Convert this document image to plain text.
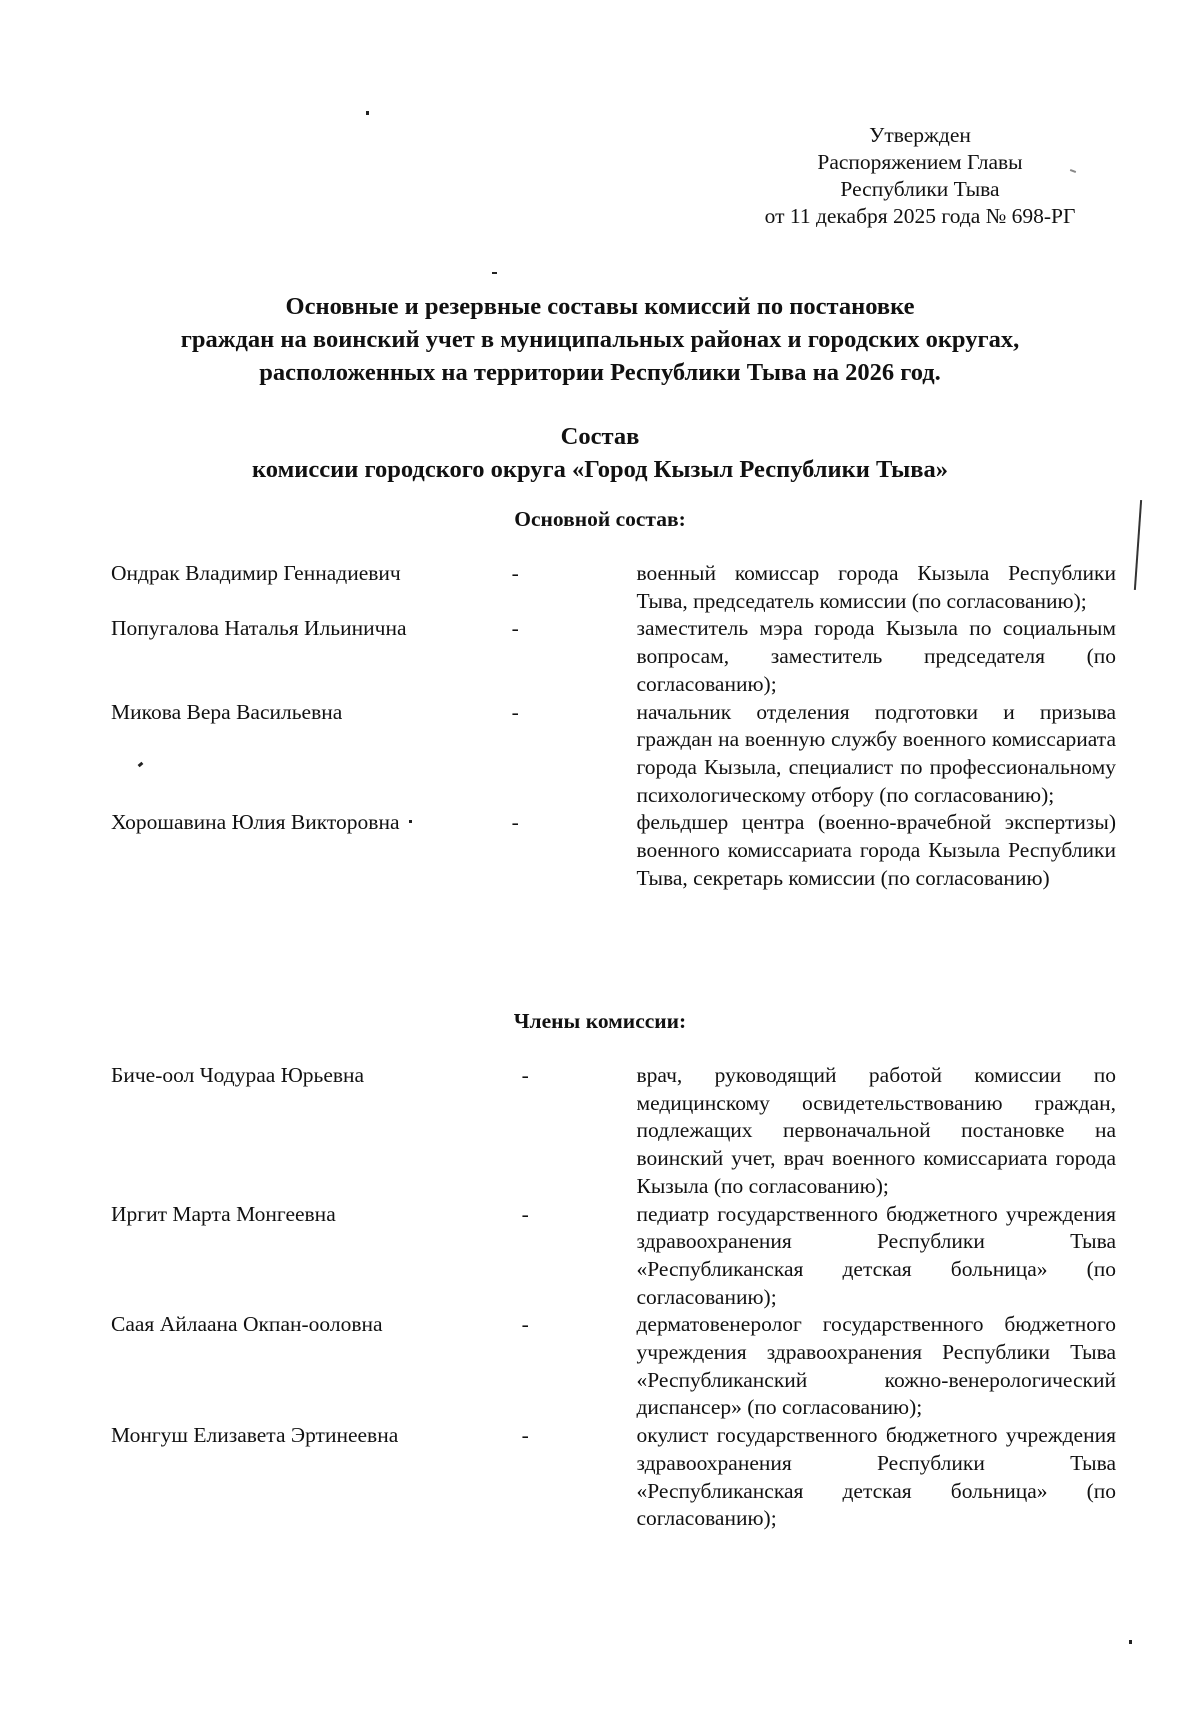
Утвержден
Распоряжением Главы
Республики Тыва
от 11 декабря 2025 года № 698-РГ
Основные и резервные составы комиссий по постановке
граждан на воинский учет в муниципальных районах и городских округах,
расположенных на территории Республики Тыва на 2026 год.
Состав
комиссии городского округа «Город Кызыл Республики Тыва»
Основной состав:
Ондрак Владимир Геннадиевич	-	военный комиссар города Кызыла Республики Тыва, председатель комиссии (по согласованию);
Попугалова Наталья Ильинична	-	заместитель мэра города Кызыла по социальным вопросам, заместитель председателя (по согласованию);
Микова Вера Васильевна	-	начальник отделения подготовки и призыва граждан на военную службу военного комиссариата города Кызыла, специалист по профессиональному психологическому отбору (по согласованию);
Хорошавина Юлия Викторовна	-	фельдшер центра (военно-врачебной экспертизы) военного комиссариата города Кызыла Республики Тыва, секретарь комиссии (по согласованию)
Члены комиссии:
Биче-оол Чодураа Юрьевна	-	врач, руководящий работой комиссии по медицинскому освидетельствованию граждан, подлежащих первоначальной постановке на воинский учет, врач военного комиссариата города Кызыла (по согласованию);
Иргит Марта Монгеевна	-	педиатр государственного бюджетного учреждения здравоохранения Республики Тыва «Республиканская детская больница» (по согласованию);
Саая Айлаана Окпан-ооловна	-	дерматовенеролог государственного бюджетного учреждения здравоохранения Республики Тыва «Республиканский кожно-венерологический диспансер» (по согласованию);
Монгуш Елизавета Эртинеевна	-	окулист государственного бюджетного учреждения здравоохранения Республики Тыва «Республиканская детская больница» (по согласованию);
